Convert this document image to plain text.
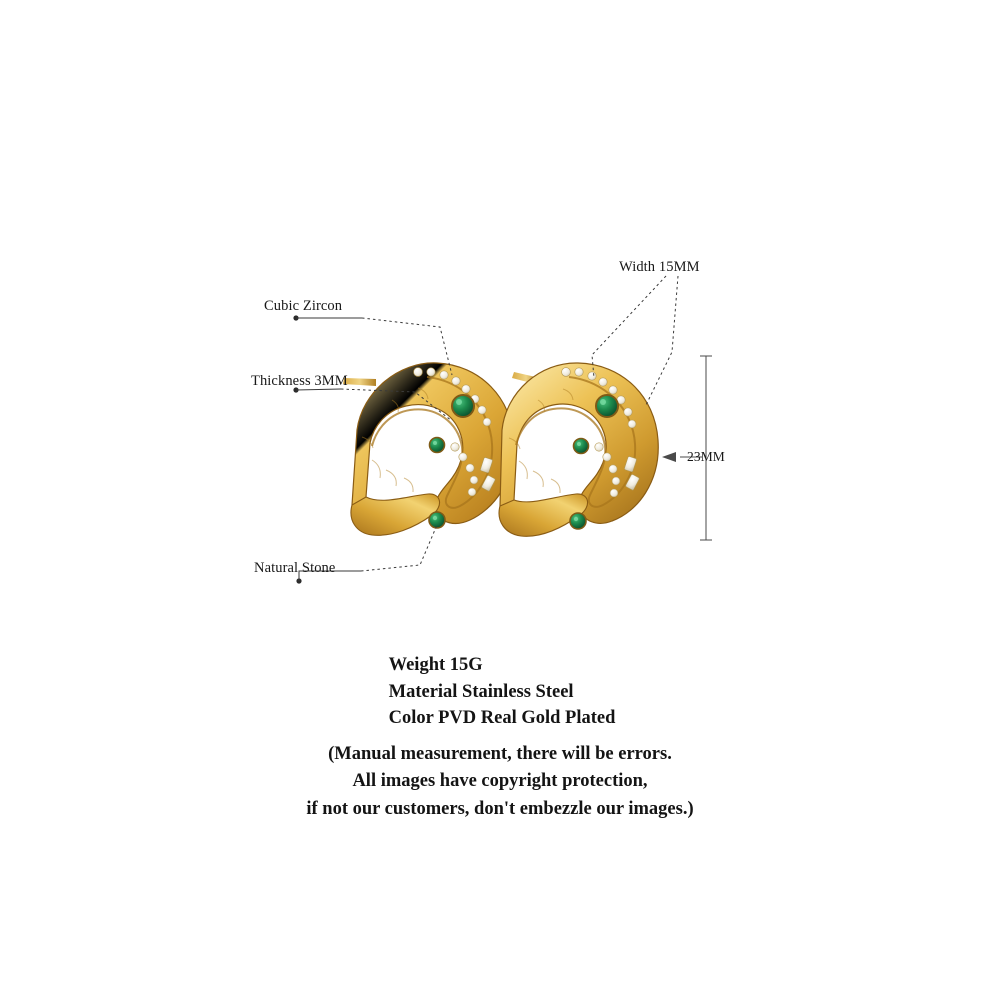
Cubic Zircon
Thickness 3MM
Natural Stone
Width 15MM
23MM
Weight 15G
Material Stainless Steel
Color PVD Real Gold Plated
(Manual measurement, there will be errors.
All images have copyright protection,
if not our customers, don't embezzle our images.)
